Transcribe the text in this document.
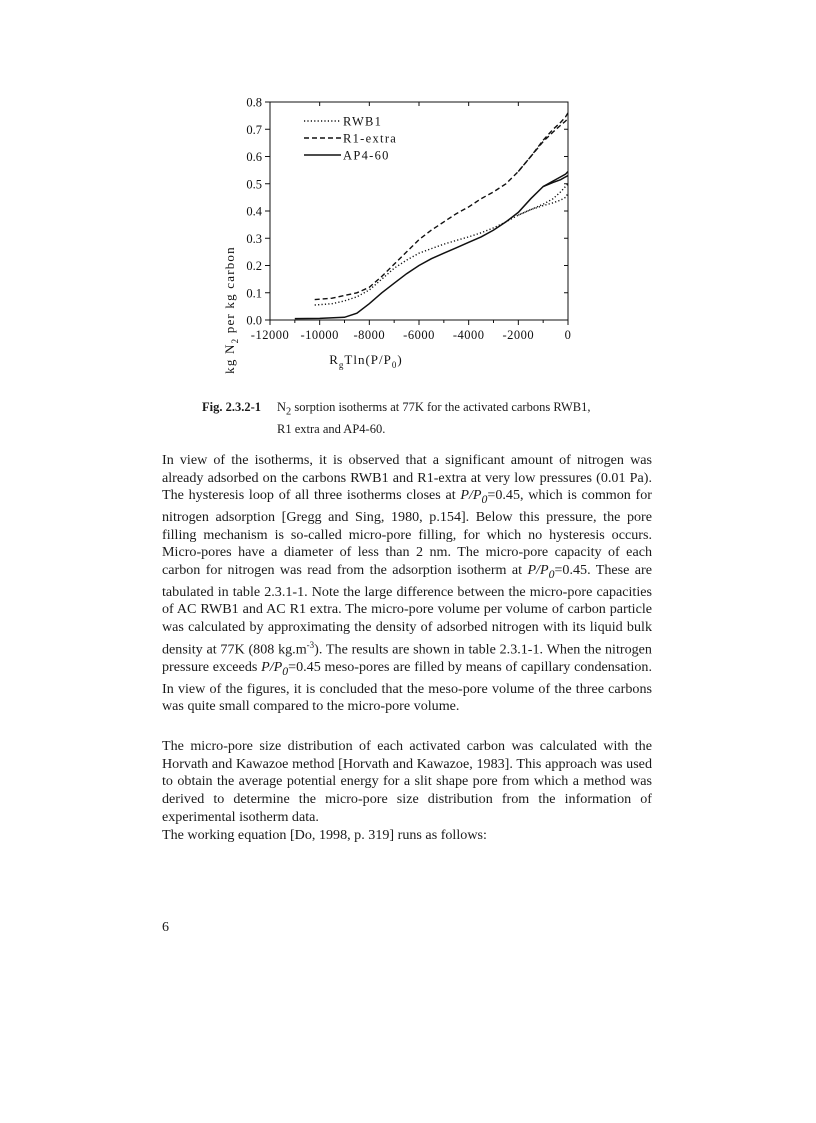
-12000 -10000 -8000 -6000 -4000 -2000 0
0.0
0.1
0.2
0.3
0.4
0.5
0.6
0.7
0.8
RWB1
R1-extra
AP4-60
kg $N_2$ per kg carbon
$R_gTln(P/P_0)$
Fig. 2.3.2-1 $N_2$ sorption isotherms at 77K for the activated carbons RWB1,
R1 extra and AP4-60.

In view of the isotherms, it is observed that a significant amount of nitrogen was already adsorbed on the carbons RWB1 and R1-extra at very low pressures (0.01 Pa). The hysteresis loop of all three isotherms closes at $P/P_0=0.45$, which is common for nitrogen adsorption [Gregg and Sing, 1980, p.154]. Below this pressure, the pore filling mechanism is so-called micro-pore filling, for which no hysteresis occurs. Micro-pores have a diameter of less than 2 nm. The micro-pore capacity of each carbon for nitrogen was read from the adsorption isotherm at $P/P_0=0.45$. These are tabulated in table 2.3.1-1. Note the large difference between the micro-pore capacities of AC RWB1 and AC R1 extra. The micro-pore volume per volume of carbon particle was calculated by approximating the density of adsorbed nitrogen with its liquid bulk density at 77K (808 $kg.m^{-3}$). The results are shown in table 2.3.1-1. When the nitrogen pressure exceeds $P/P_0=0.45$ meso-pores are filled by means of capillary condensation. In view of the figures, it is concluded that the meso-pore volume of the three carbons was quite small compared to the micro-pore volume.

The micro-pore size distribution of each activated carbon was calculated with the Horvath and Kawazoe method [Horvath and Kawazoe, 1983]. This approach was used to obtain the average potential energy for a slit shape pore from which a method was derived to determine the micro-pore size distribution from the information of experimental isotherm data.

The working equation [Do, 1998, p. 319] runs as follows:

6
